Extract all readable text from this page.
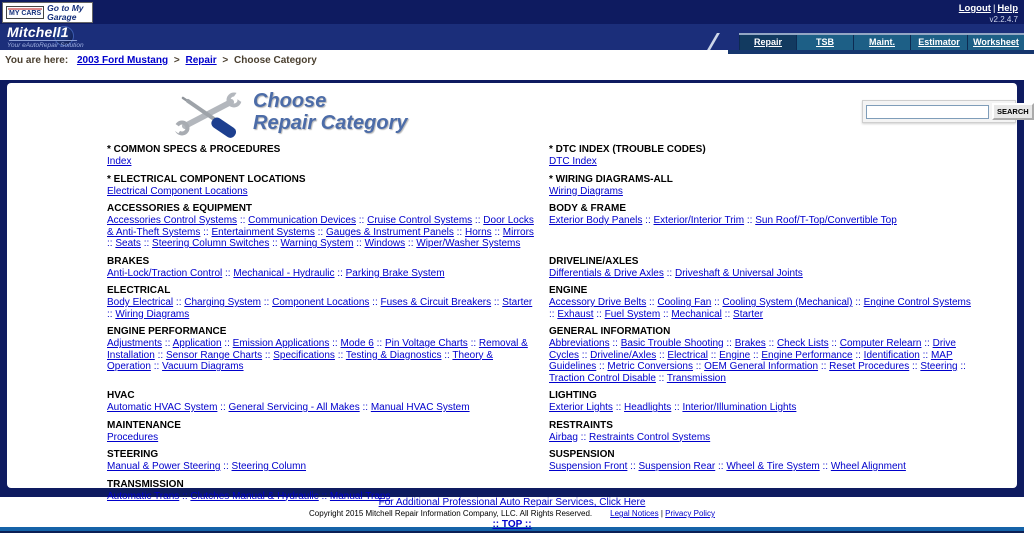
MY CARS
Go to My Garage
Logout | Help
v2.2.4.7
Mitchell1
Your eAutoRepair Solution	Repair	TSB	Maint.	Estimator	Worksheet
You are here: 2003 Ford Mustang > Repair > Choose Category
SEARCH
Choose
Repair Category
* COMMON SPECS & PROCEDURES
Index
* DTC INDEX (TROUBLE CODES)
DTC Index
* ELECTRICAL COMPONENT LOCATIONS
Electrical Component Locations
* WIRING DIAGRAMS-ALL
Wiring Diagrams
ACCESSORIES & EQUIPMENT
Accessories Control Systems :: Communication Devices :: Cruise Control Systems :: Door Locks & Anti-Theft Systems :: Entertainment Systems :: Gauges & Instrument Panels :: Horns :: Mirrors :: Seats :: Steering Column Switches :: Warning System :: Windows :: Wiper/Washer Systems
BODY & FRAME
Exterior Body Panels :: Exterior/Interior Trim :: Sun Roof/T-Top/Convertible Top
BRAKES
Anti-Lock/Traction Control :: Mechanical - Hydraulic :: Parking Brake System
DRIVELINE/AXLES
Differentials & Drive Axles :: Driveshaft & Universal Joints
ELECTRICAL
Body Electrical :: Charging System :: Component Locations :: Fuses & Circuit Breakers :: Starter :: Wiring Diagrams
ENGINE
Accessory Drive Belts :: Cooling Fan :: Cooling System (Mechanical) :: Engine Control Systems :: Exhaust :: Fuel System :: Mechanical :: Starter
ENGINE PERFORMANCE
Adjustments :: Application :: Emission Applications :: Mode 6 :: Pin Voltage Charts :: Removal & Installation :: Sensor Range Charts :: Specifications :: Testing & Diagnostics :: Theory & Operation :: Vacuum Diagrams
GENERAL INFORMATION
Abbreviations :: Basic Trouble Shooting :: Brakes :: Check Lists :: Computer Relearn :: Drive Cycles :: Driveline/Axles :: Electrical :: Engine :: Engine Performance :: Identification :: MAP Guidelines :: Metric Conversions :: OEM General Information :: Reset Procedures :: Steering :: Traction Control Disable :: Transmission
HVAC
Automatic HVAC System :: General Servicing - All Makes :: Manual HVAC System
LIGHTING
Exterior Lights :: Headlights :: Interior/Illumination Lights
MAINTENANCE
Procedures
RESTRAINTS
Airbag :: Restraints Control Systems
STEERING
Manual & Power Steering :: Steering Column
SUSPENSION
Suspension Front :: Suspension Rear :: Wheel & Tire System :: Wheel Alignment
TRANSMISSION
Automatic Trans :: Clutches Manual & Hydraulic :: Manual Trans
For Additional Professional Auto Repair Services, Click Here
Copyright 2015 Mitchell Repair Information Company, LLC. All Rights Reserved. Legal Notices | Privacy Policy
:: TOP ::
